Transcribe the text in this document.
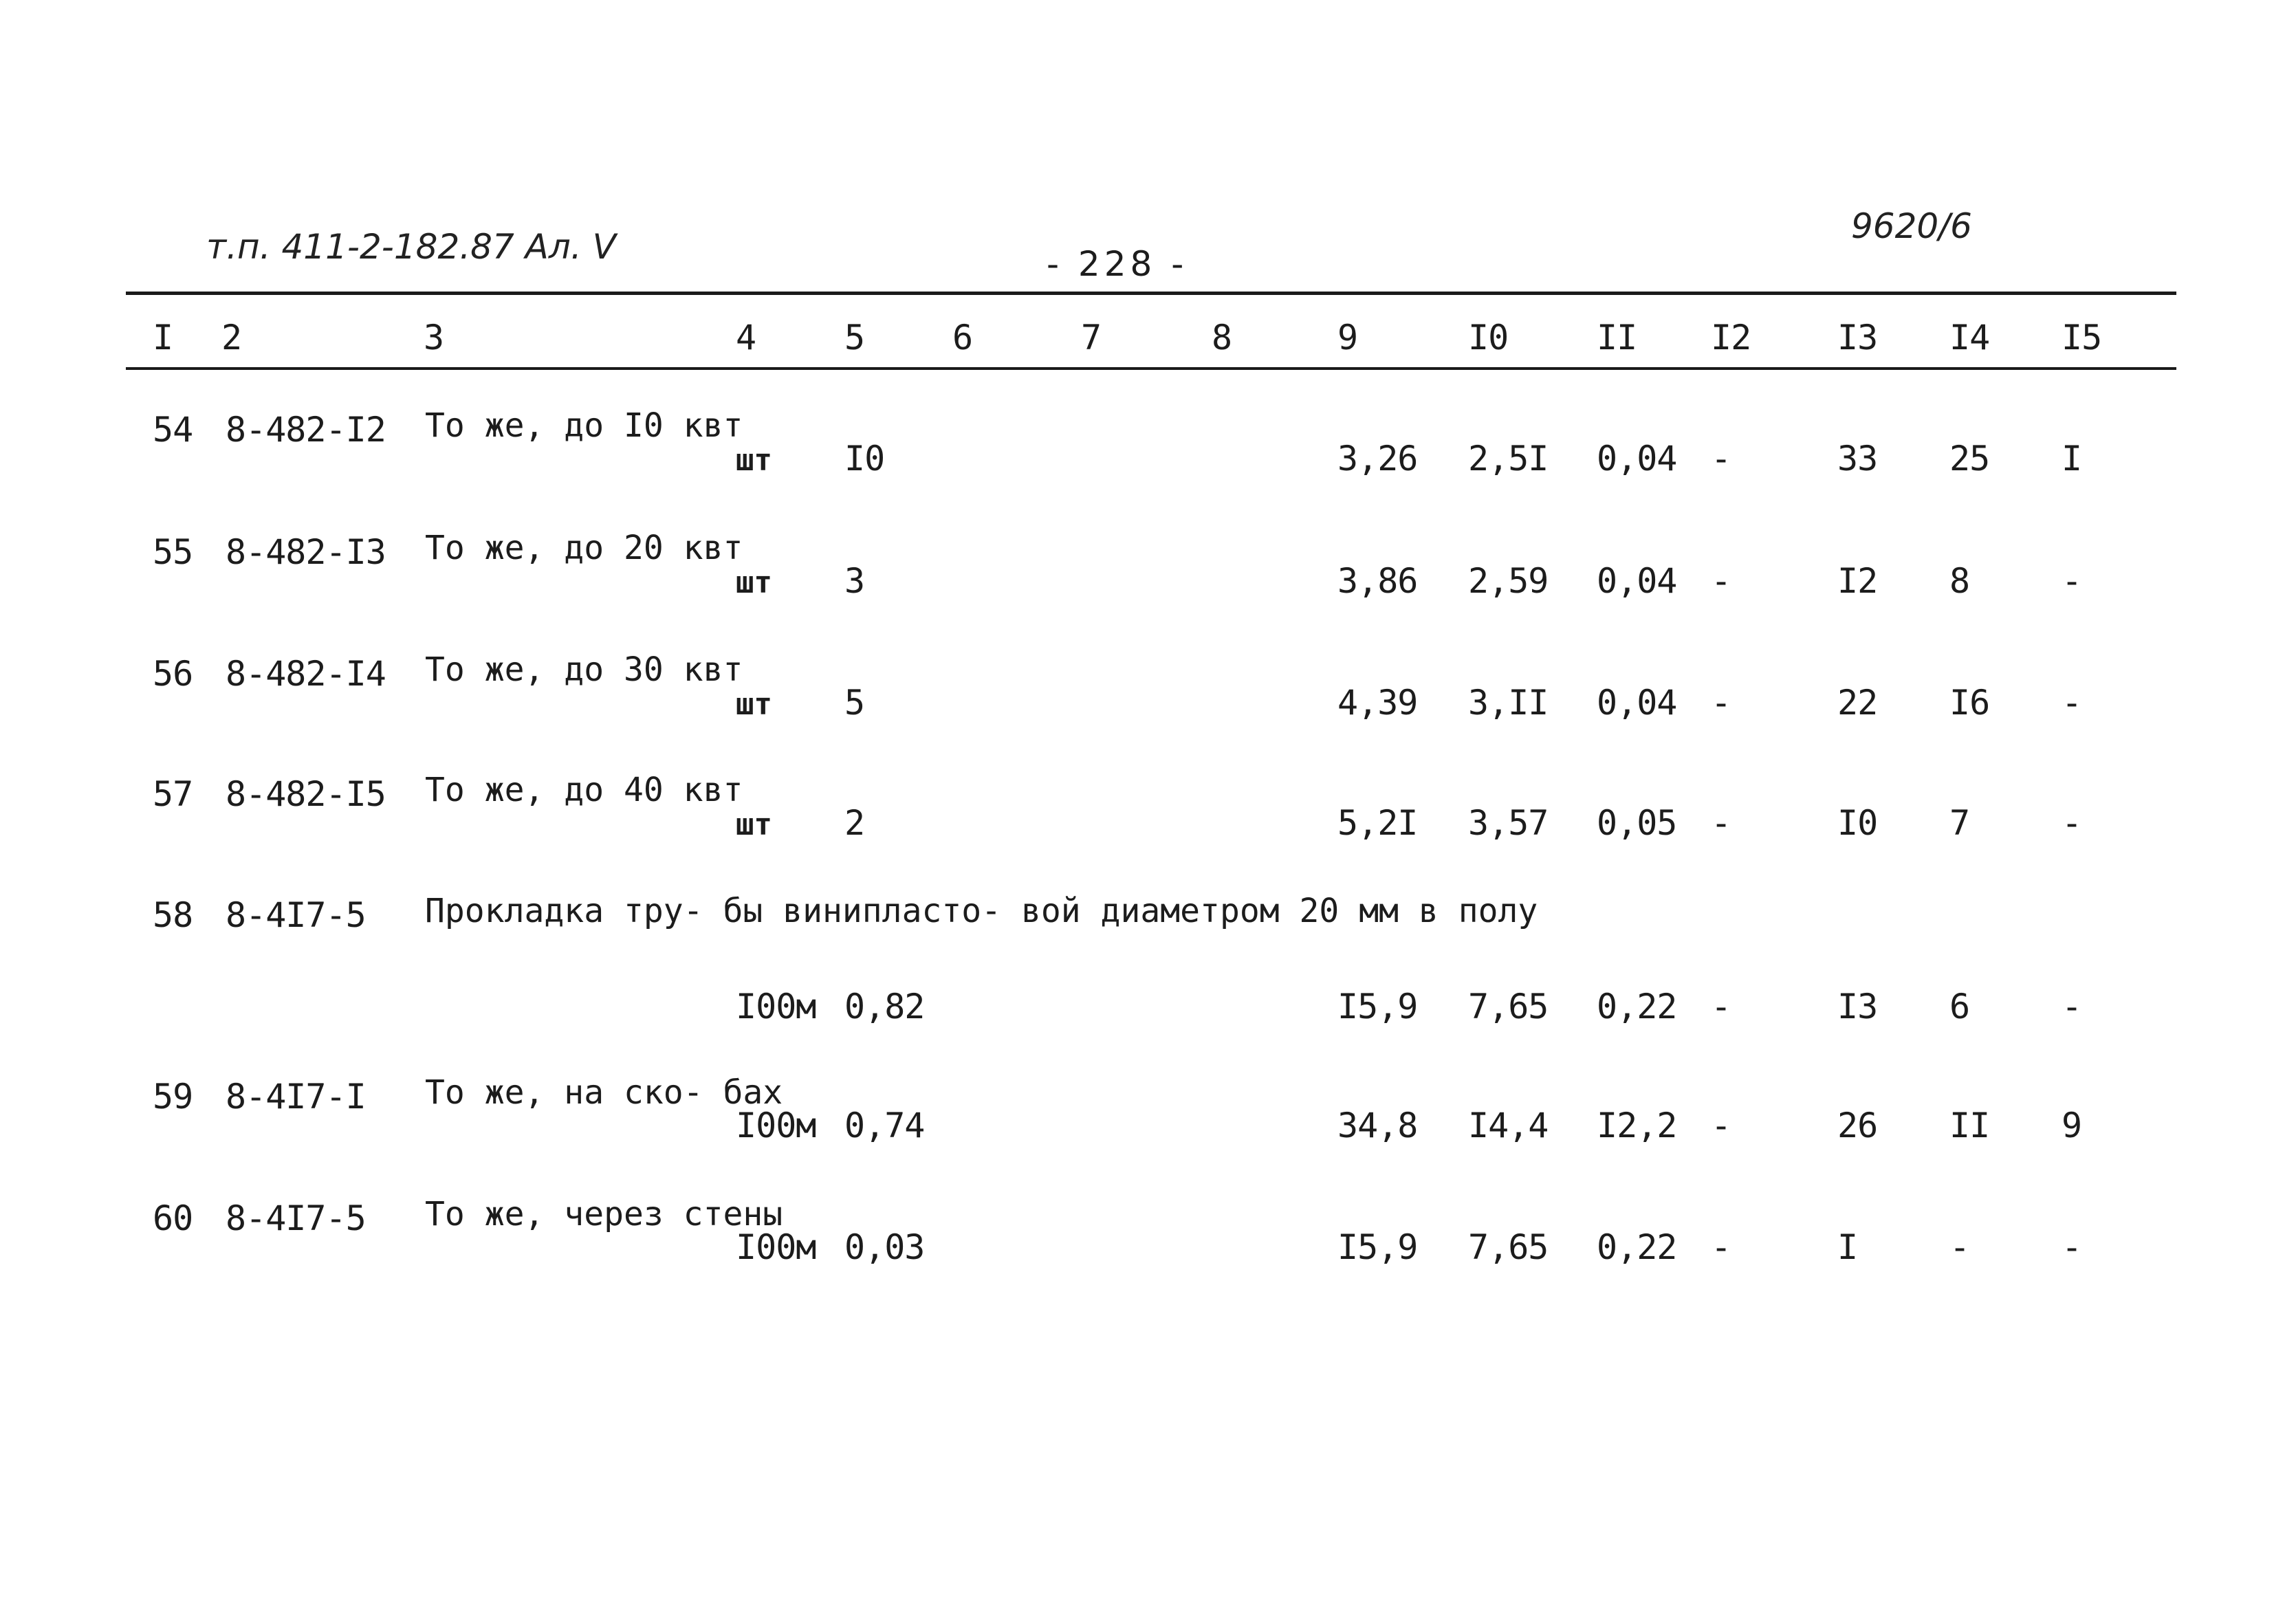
т.п. 411-2-182.87 Ал. V	- 228 -
9620/6
I 2	3	4	5	6	7	8	9	I0	II I2	I3 I4 I5
54 8-482-I2 То же, до I0 квт
шт I0	3,26 2,5I 0,04 -	33 25 I
55 8-482-I3 То же, до 20 квт
шт 3	3,86 2,59 0,04 -	I2 8	-
56 8-482-I4 То же, до 30 квт
шт 5	4,39 3,II 0,04 -	22 I6 -
57 8-482-I5 То же, до 40 квт
шт 2	5,2I 3,57 0,05 -	I0 7	-
58 8-4I7-5 Прокладка тру- бы винипласто- вой диаметром 20 мм в полу
I00м 0,82	I5,9 7,65 0,22 -	I3 6	-
59 8-4I7-I То же, на ско- бах
I00м 0,74	34,8 I4,4 I2,2 -	26 II 9
60 8-4I7-5 То же, через стены
I00м 0,03	I5,9 7,65 0,22 -	I	-	-
